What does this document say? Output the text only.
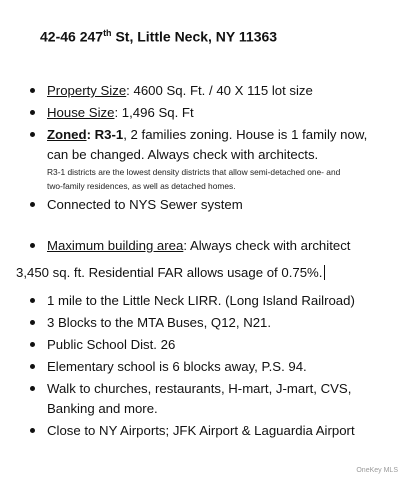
42-46 247th St, Little Neck, NY 11363
Property Size: 4600 Sq. Ft. / 40 X 115 lot size
House Size: 1,496 Sq. Ft
Zoned: R3-1, 2 families zoning. House is 1 family now,
can be changed. Always check with architects.
R3-1 districts are the lowest density districts that allow semi-detached one- and
two-family residences, as well as detached homes.
Connected to NYS Sewer system
Maximum building area: Always check with architect
3,450 sq. ft. Residential FAR allows usage of 0.75%.
1 mile to the Little Neck LIRR. (Long Island Railroad)
3 Blocks to the MTA Buses, Q12, N21.
Public School Dist. 26
Elementary school is 6 blocks away, P.S. 94.
Walk to churches, restaurants, H-mart, J-mart, CVS,
Banking and more.
Close to NY Airports; JFK Airport & Laguardia Airport
OneKey MLS
